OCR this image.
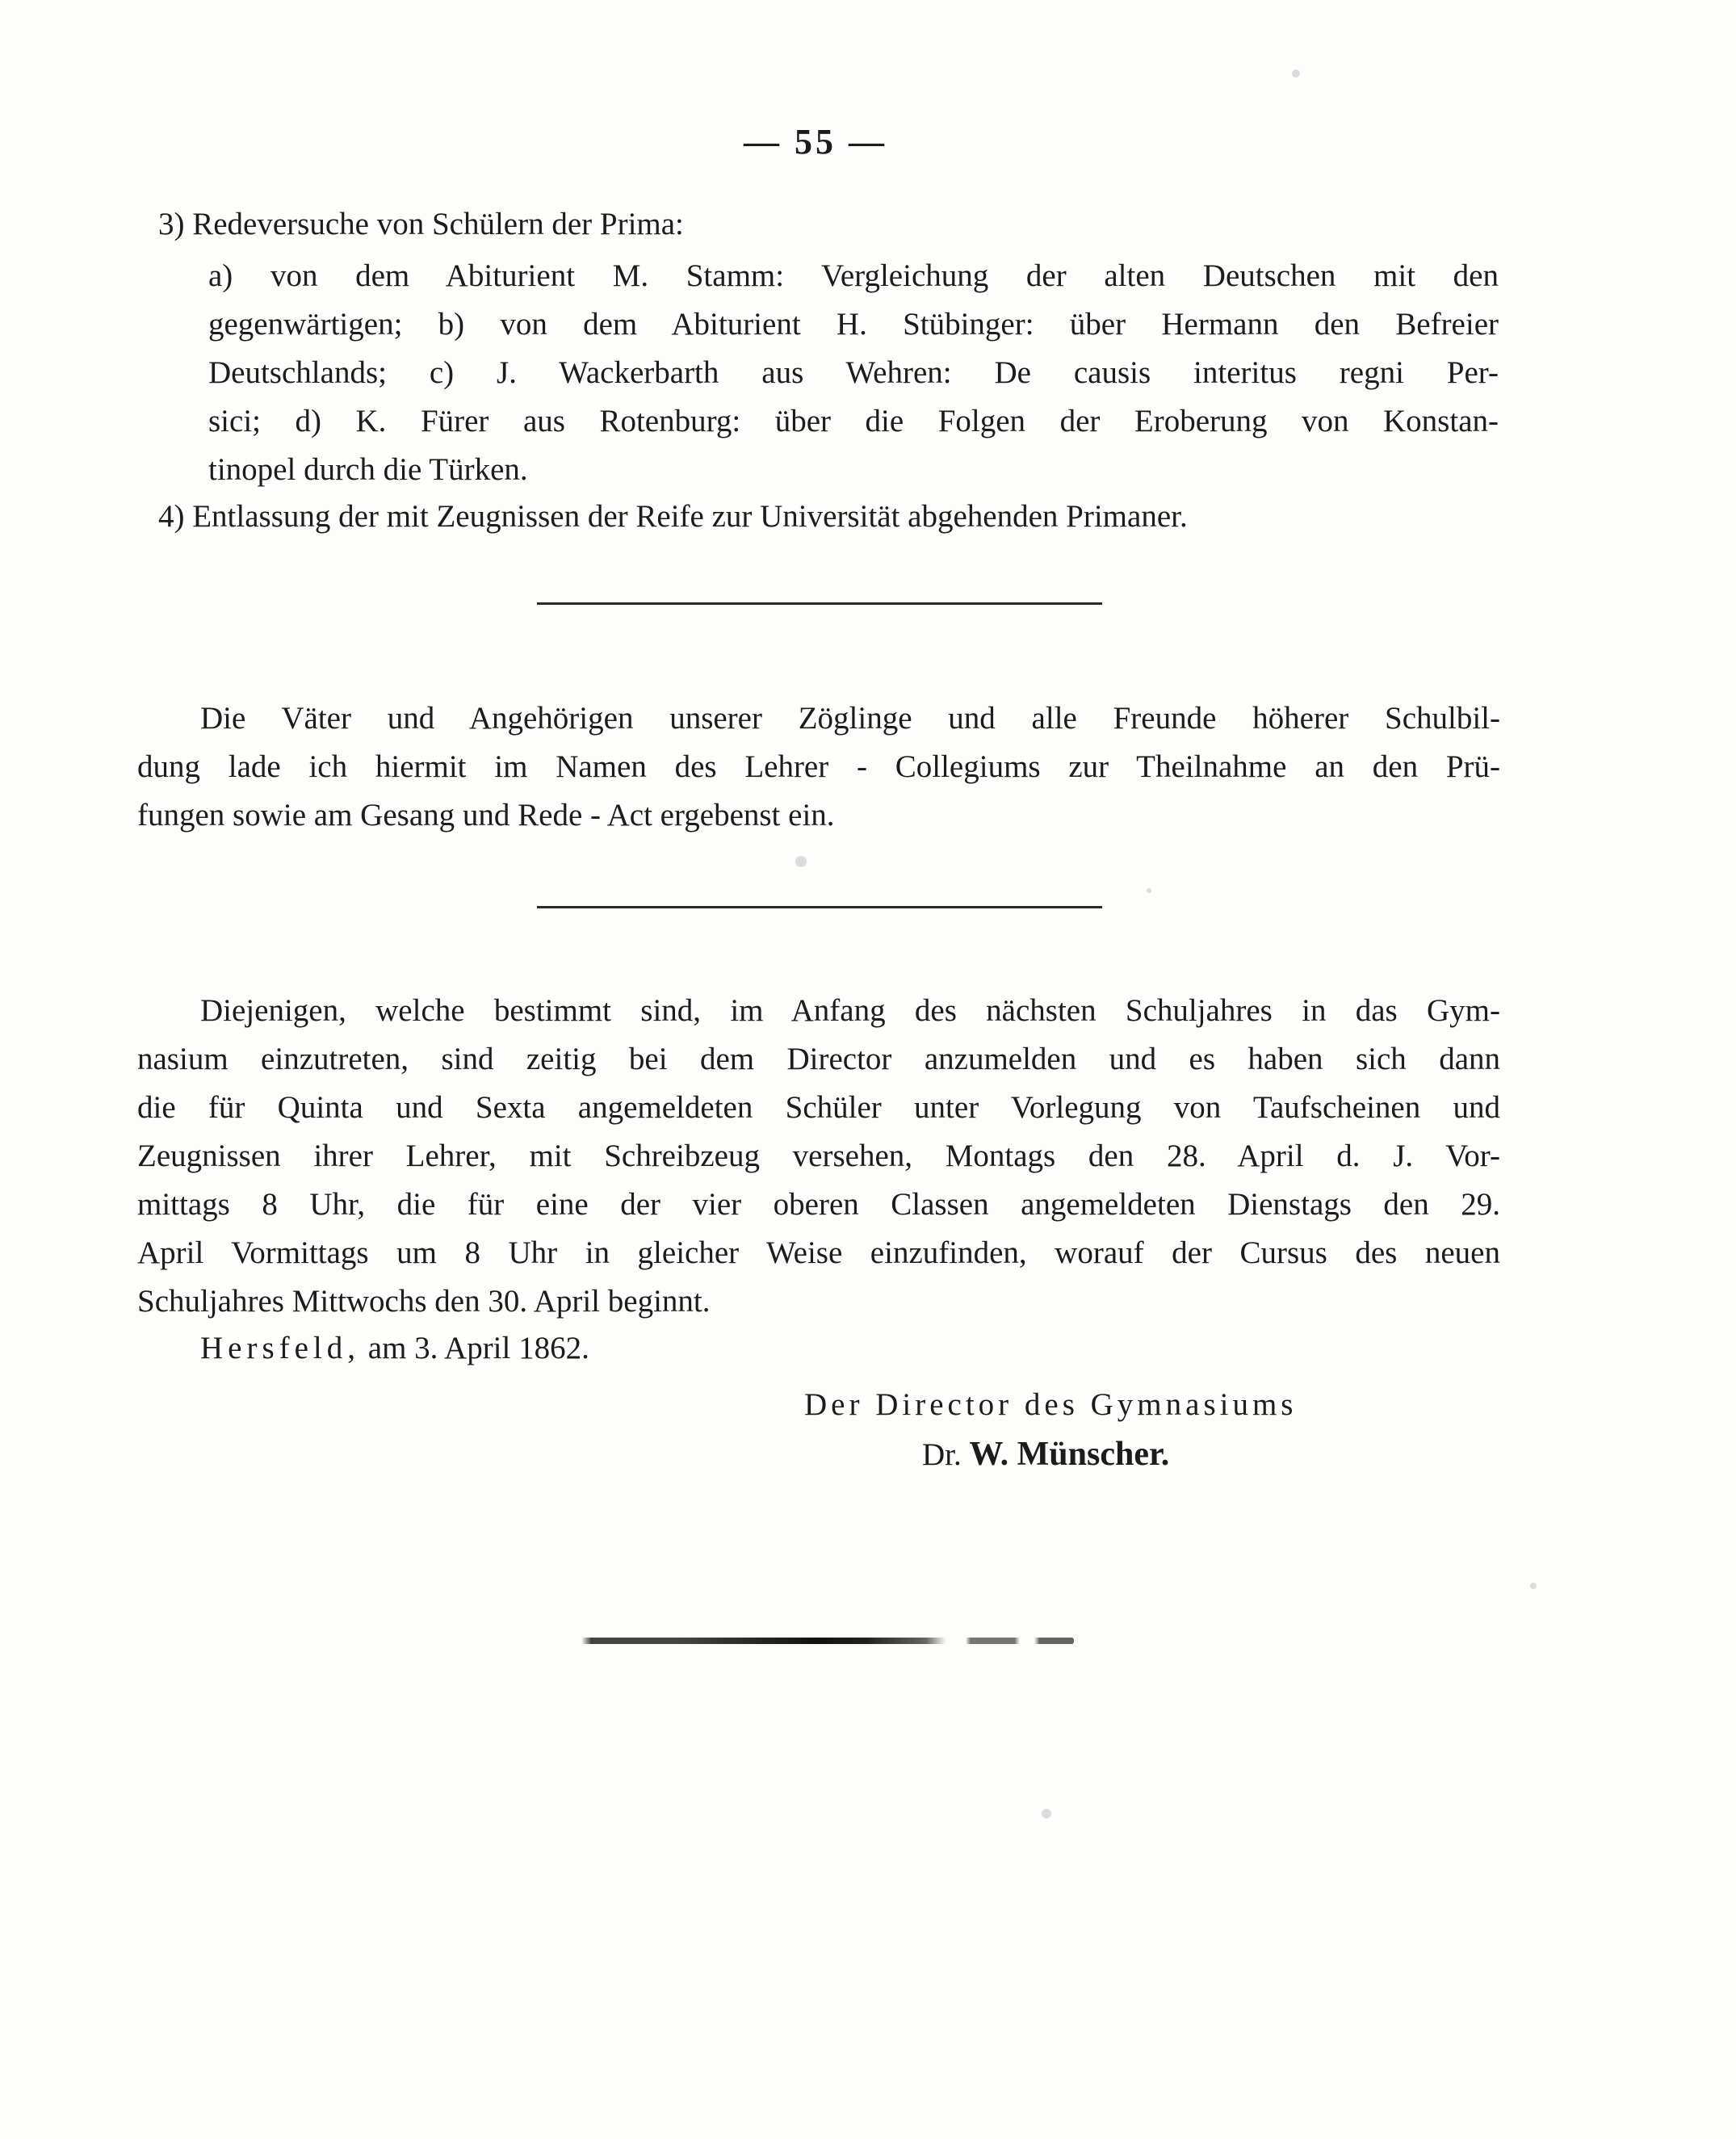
— 55 —
3) Redeversuche von Schülern der Prima:
a) von dem Abiturient M. Stamm: Vergleichung der alten Deutschen mit den
gegenwärtigen; b) von dem Abiturient H. Stübinger: über Hermann den Befreier
Deutschlands; c) J. Wackerbarth aus Wehren: De causis interitus regni Per-
sici; d) K. Fürer aus Rotenburg: über die Folgen der Eroberung von Konstan-
tinopel durch die Türken.
4) Entlassung der mit Zeugnissen der Reife zur Universität abgehenden Primaner.
Die Väter und Angehörigen unserer Zöglinge und alle Freunde höherer Schulbil-
dung lade ich hiermit im Namen des Lehrer - Collegiums zur Theilnahme an den Prü-
fungen sowie am Gesang und Rede - Act ergebenst ein.
Diejenigen, welche bestimmt sind, im Anfang des nächsten Schuljahres in das Gym-
nasium einzutreten, sind zeitig bei dem Director anzumelden und es haben sich dann
die für Quinta und Sexta angemeldeten Schüler unter Vorlegung von Taufscheinen und
Zeugnissen ihrer Lehrer, mit Schreibzeug versehen, Montags den 28. April d. J. Vor-
mittags 8 Uhr, die für eine der vier oberen Classen angemeldeten Dienstags den 29.
April Vormittags um 8 Uhr in gleicher Weise einzufinden, worauf der Cursus des neuen
Schuljahres Mittwochs den 30. April beginnt.
Hersfeld, am 3. April 1862.
Der Director des Gymnasiums
Dr. W. Münscher.
